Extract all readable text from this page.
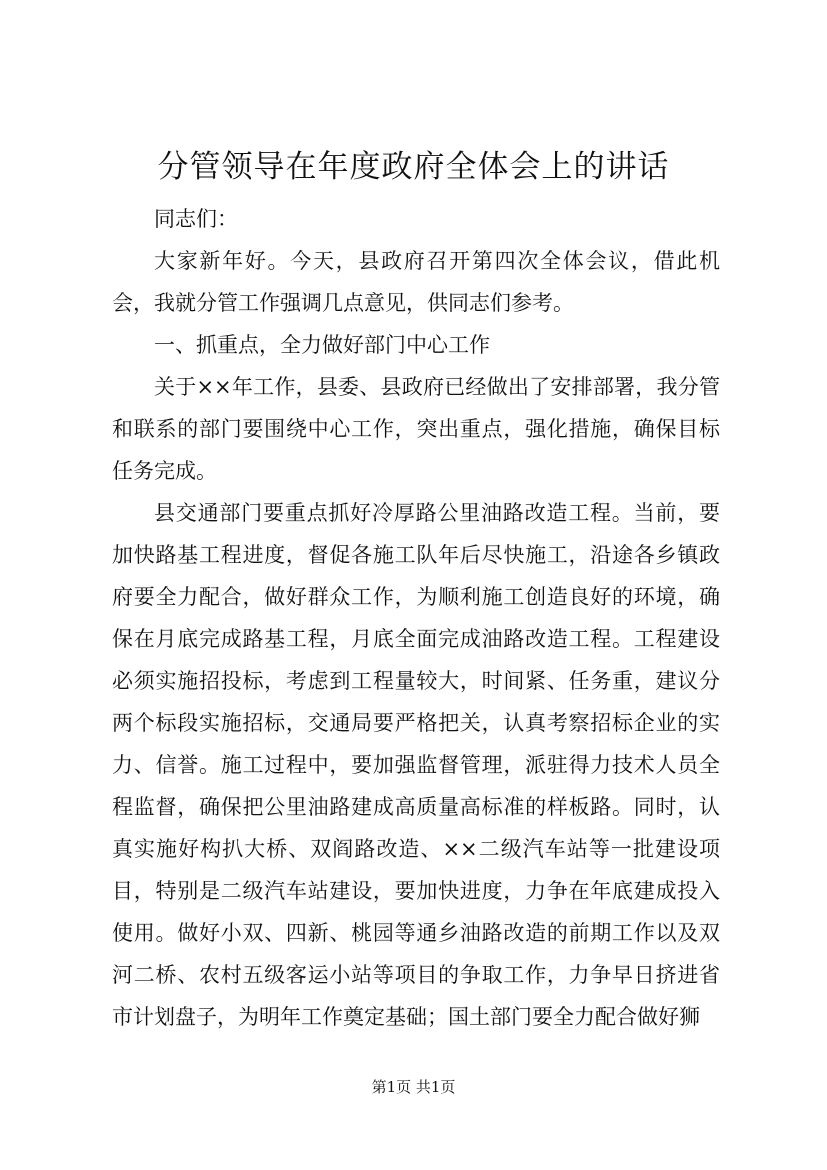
分管领导在年度政府全体会上的讲话

同志们：

大家新年好。今天，县政府召开第四次全体会议，借此机会，我就分管工作强调几点意见，供同志们参考。

一、抓重点，全力做好部门中心工作

关于××年工作，县委、县政府已经做出了安排部署，我分管和联系的部门要围绕中心工作，突出重点，强化措施，确保目标任务完成。

县交通部门要重点抓好冷厚路公里油路改造工程。当前，要加快路基工程进度，督促各施工队年后尽快施工，沿途各乡镇政府要全力配合，做好群众工作，为顺利施工创造良好的环境，确保在月底完成路基工程，月底全面完成油路改造工程。工程建设必须实施招投标，考虑到工程量较大，时间紧、任务重，建议分两个标段实施招标，交通局要严格把关，认真考察招标企业的实力、信誉。施工过程中，要加强监督管理，派驻得力技术人员全程监督，确保把公里油路建成高质量高标准的样板路。同时，认真实施好构扒大桥、双阎路改造、××二级汽车站等一批建设项目，特别是二级汽车站建设，要加快进度，力争在年底建成投入使用。做好小双、四新、桃园等通乡油路改造的前期工作以及双河二桥、农村五级客运小站等项目的争取工作，力争早日挤进省市计划盘子，为明年工作奠定基础；国土部门要全力配合做好狮

第1页 共1页
